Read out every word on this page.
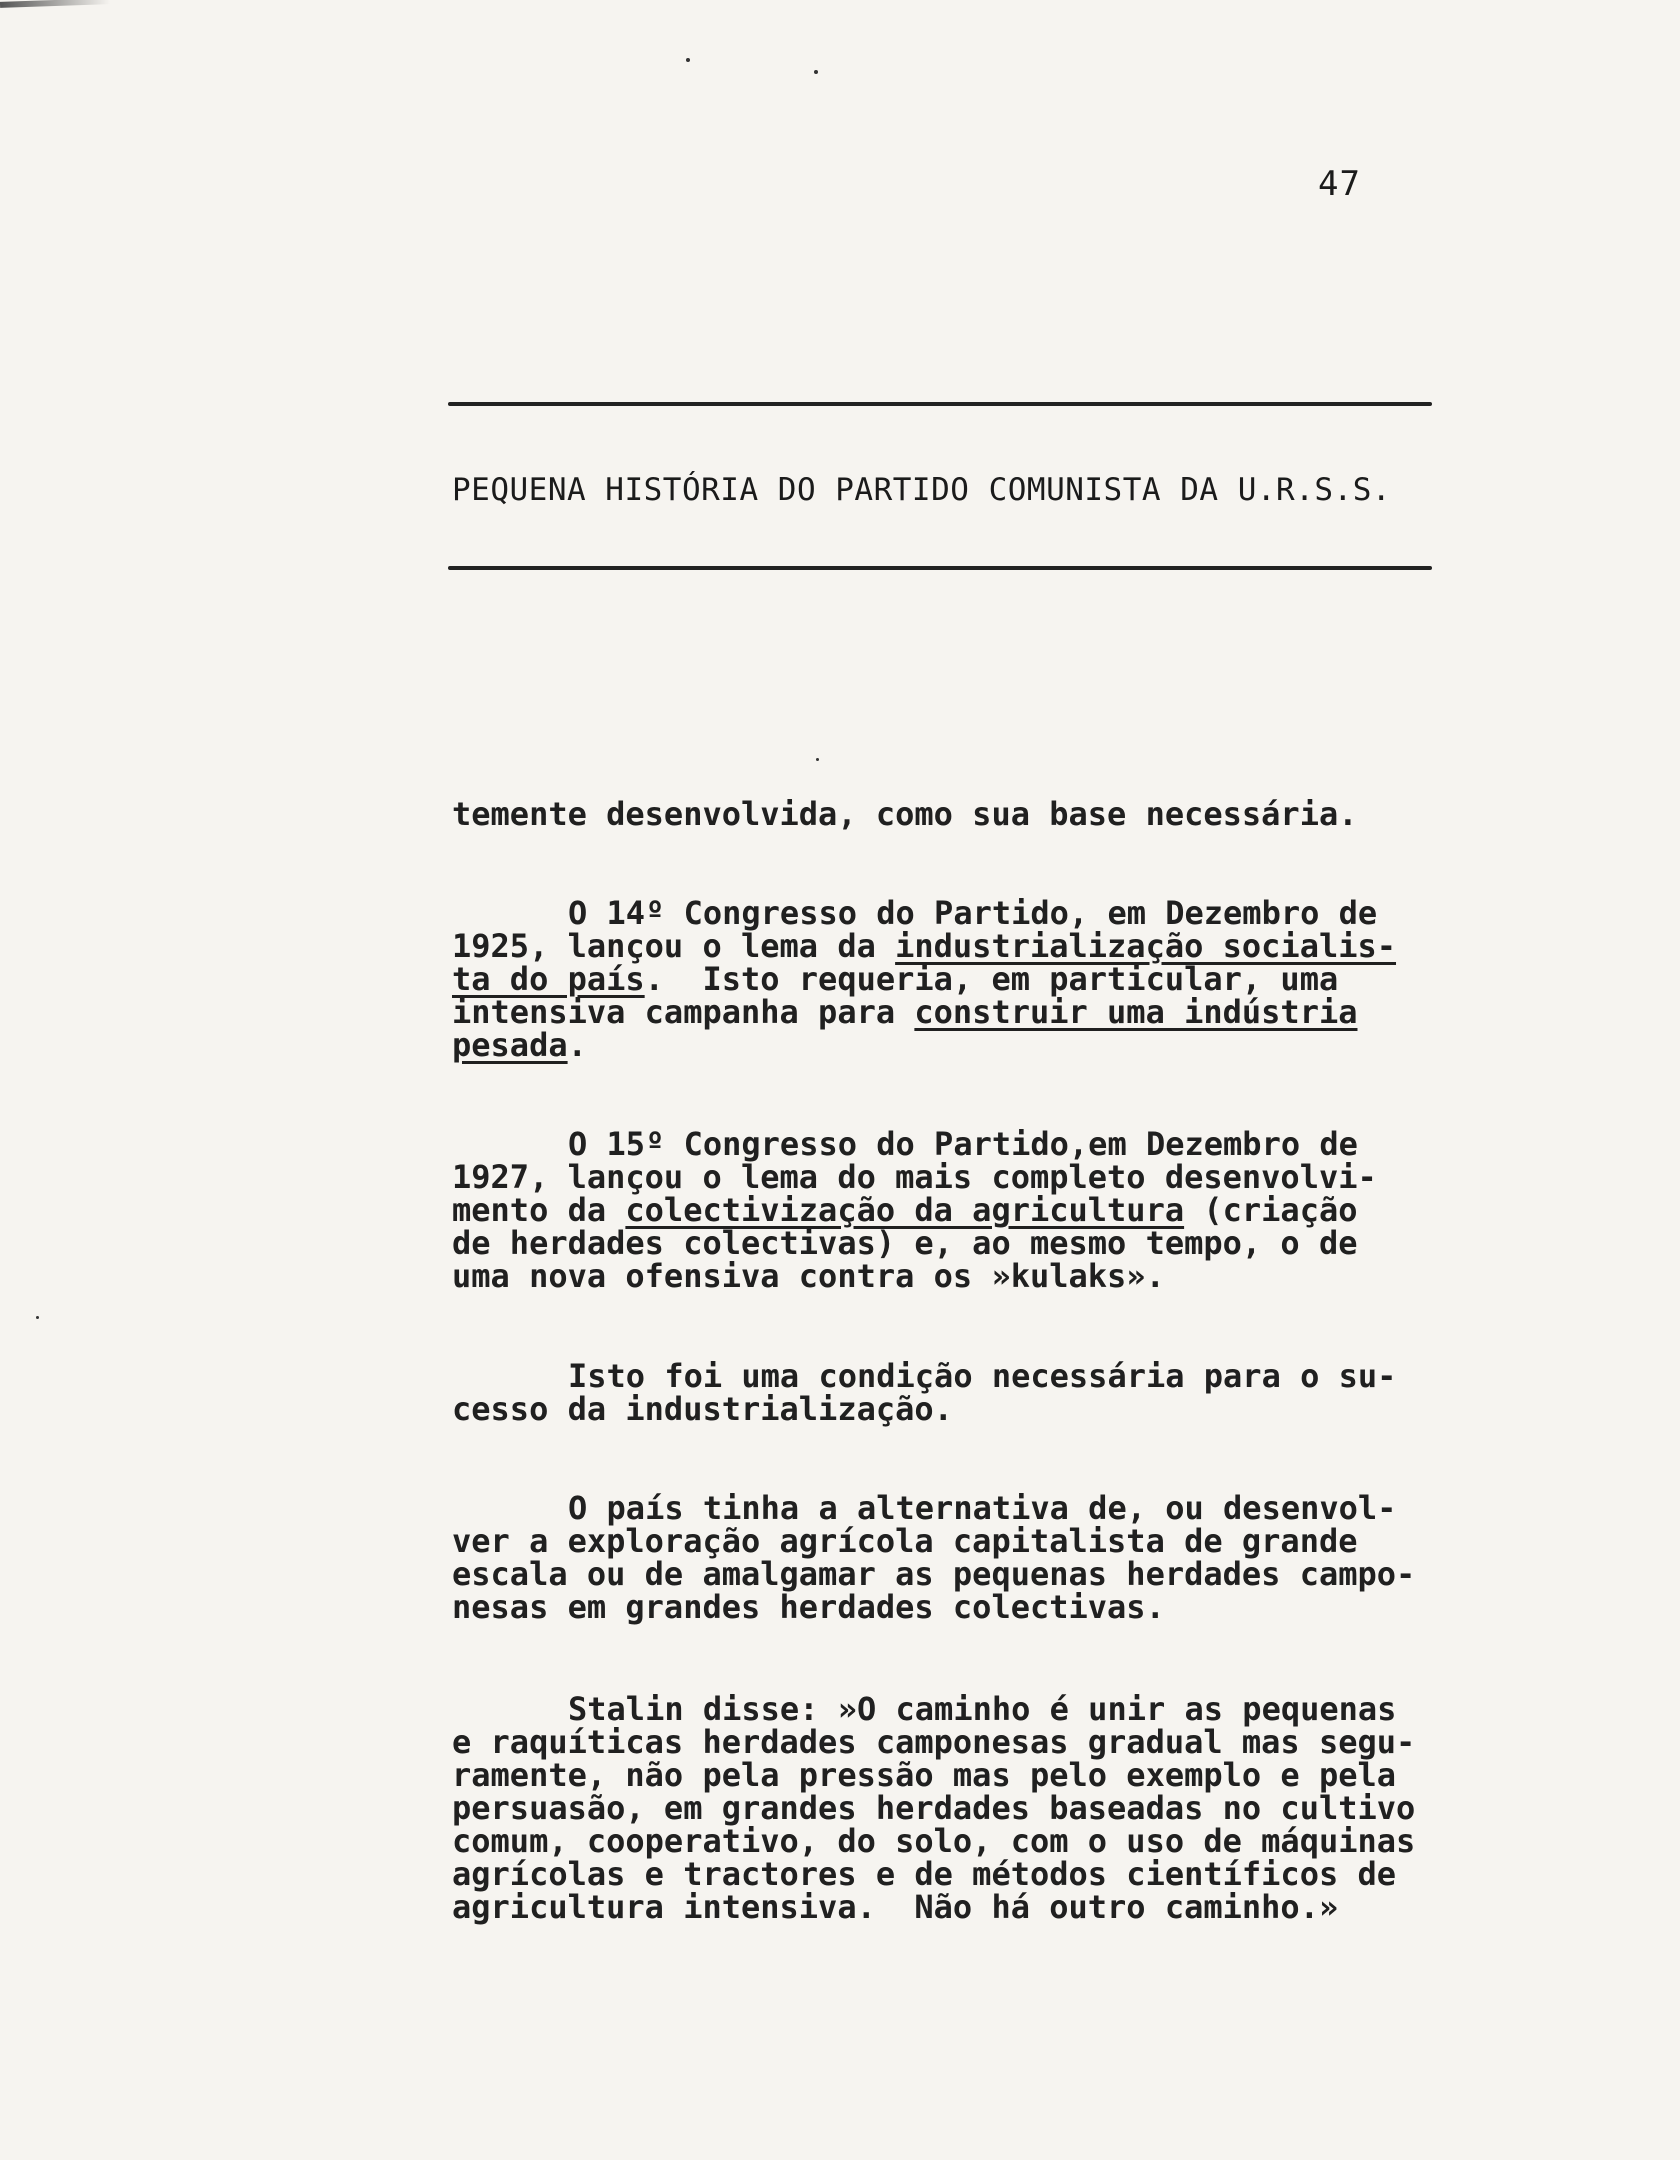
47
PEQUENA HISTÓRIA DO PARTIDO COMUNISTA DA U.R.S.S.

temente desenvolvida, como sua base necessária.

O 14º Congresso do Partido, em Dezembro de
1925, lançou o lema da industrialização socialis-
ta do país.  Isto requeria, em particular, uma
intensiva campanha para construir uma indústria
pesada.

O 15º Congresso do Partido,em Dezembro de
1927, lançou o lema do mais completo desenvolvi-
mento da colectivização da agricultura (criação
de herdades colectivas) e, ao mesmo tempo, o de
uma nova ofensiva contra os »kulaks».

Isto foi uma condição necessária para o su-
cesso da industrialização.

O país tinha a alternativa de, ou desenvol-
ver a exploração agrícola capitalista de grande
escala ou de amalgamar as pequenas herdades campo-
nesas em grandes herdades colectivas.

Stalin disse: »O caminho é unir as pequenas
e raquíticas herdades camponesas gradual mas segu-
ramente, não pela pressão mas pelo exemplo e pela
persuasão, em grandes herdades baseadas no cultivo
comum, cooperativo, do solo, com o uso de máquinas
agrícolas e tractores e de métodos científicos de
agricultura intensiva.  Não há outro caminho.»
